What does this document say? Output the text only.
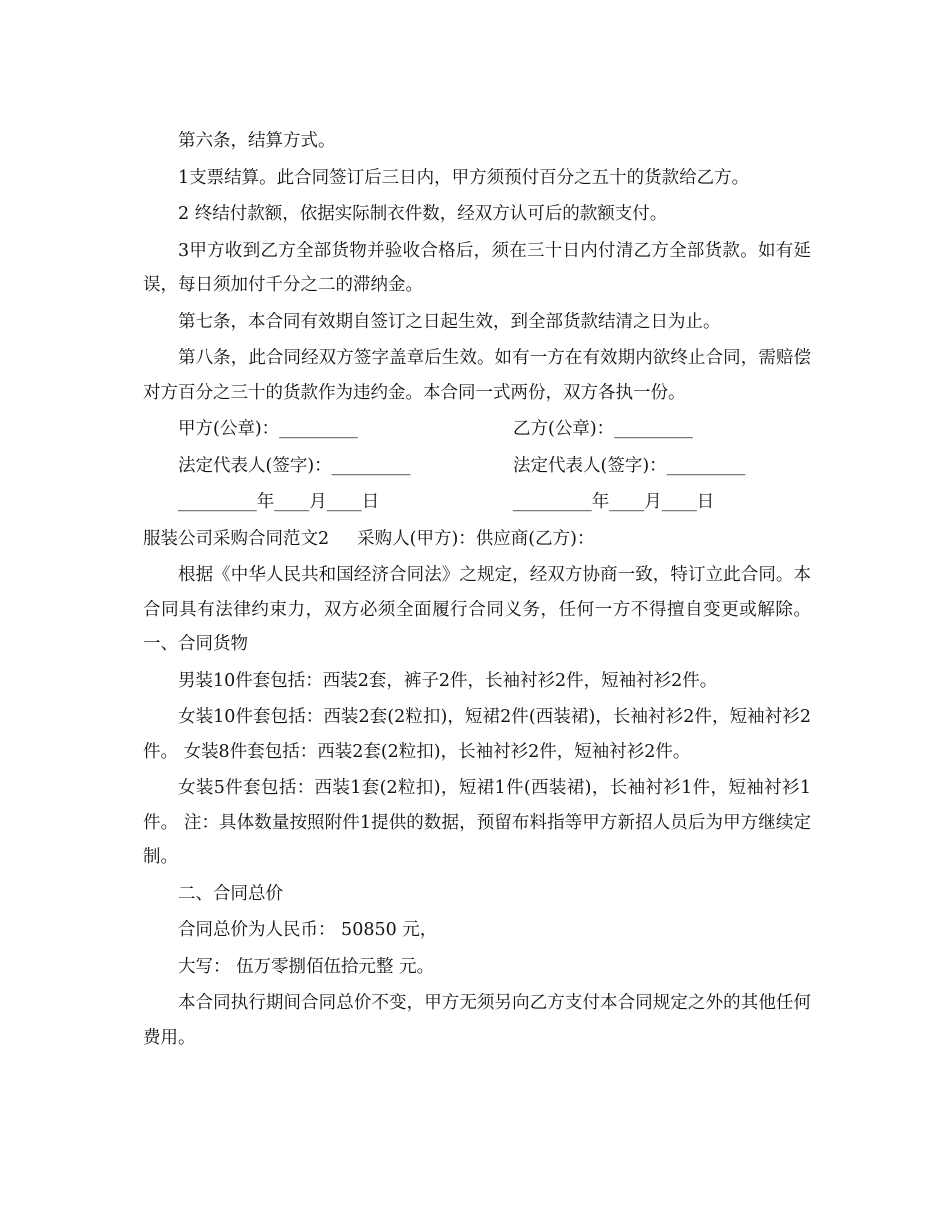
第六条，结算方式。

1支票结算。此合同签订后三日内，甲方须预付百分之五十的货款给乙方。

2 终结付款额，依据实际制衣件数，经双方认可后的款额支付。

3甲方收到乙方全部货物并验收合格后，须在三十日内付清乙方全部货款。如有延误，每日须加付千分之二的滞纳金。

第七条，本合同有效期自签订之日起生效，到全部货款结清之日为止。

第八条，此合同经双方签字盖章后生效。如有一方在有效期内欲终止合同，需赔偿对方百分之三十的货款作为违约金。本合同一式两份，双方各执一份。

甲方(公章)：_________	乙方(公章)：_________
法定代表人(签字)：_________	法定代表人(签字)：_________
_________年____月____日	_________年____月____日
服装公司采购合同范文2 采购人(甲方)： 供应商(乙方)：

根据《中华人民共和国经济合同法》之规定，经双方协商一致，特订立此合同。本合同具有法律约束力，双方必须全面履行合同义务，任何一方不得擅自变更或解除。 一、合同货物

男装10件套包括：西装2套，裤子2件，长袖衬衫2件，短袖衬衫2件。

女装10件套包括：西装2套(2粒扣)，短裙2件(西装裙)，长袖衬衫2件，短袖衬衫2件。 女装8件套包括：西装2套(2粒扣)，长袖衬衫2件，短袖衬衫2件。

女装5件套包括：西装1套(2粒扣)，短裙1件(西装裙)，长袖衬衫1件，短袖衬衫1件。 注：具体数量按照附件1提供的数据，预留布料指等甲方新招人员后为甲方继续定制。

二、合同总价

合同总价为人民币： 50850 元，

大写： 伍万零捌佰伍拾元整 元。

本合同执行期间合同总价不变，甲方无须另向乙方支付本合同规定之外的其他任何费用。
